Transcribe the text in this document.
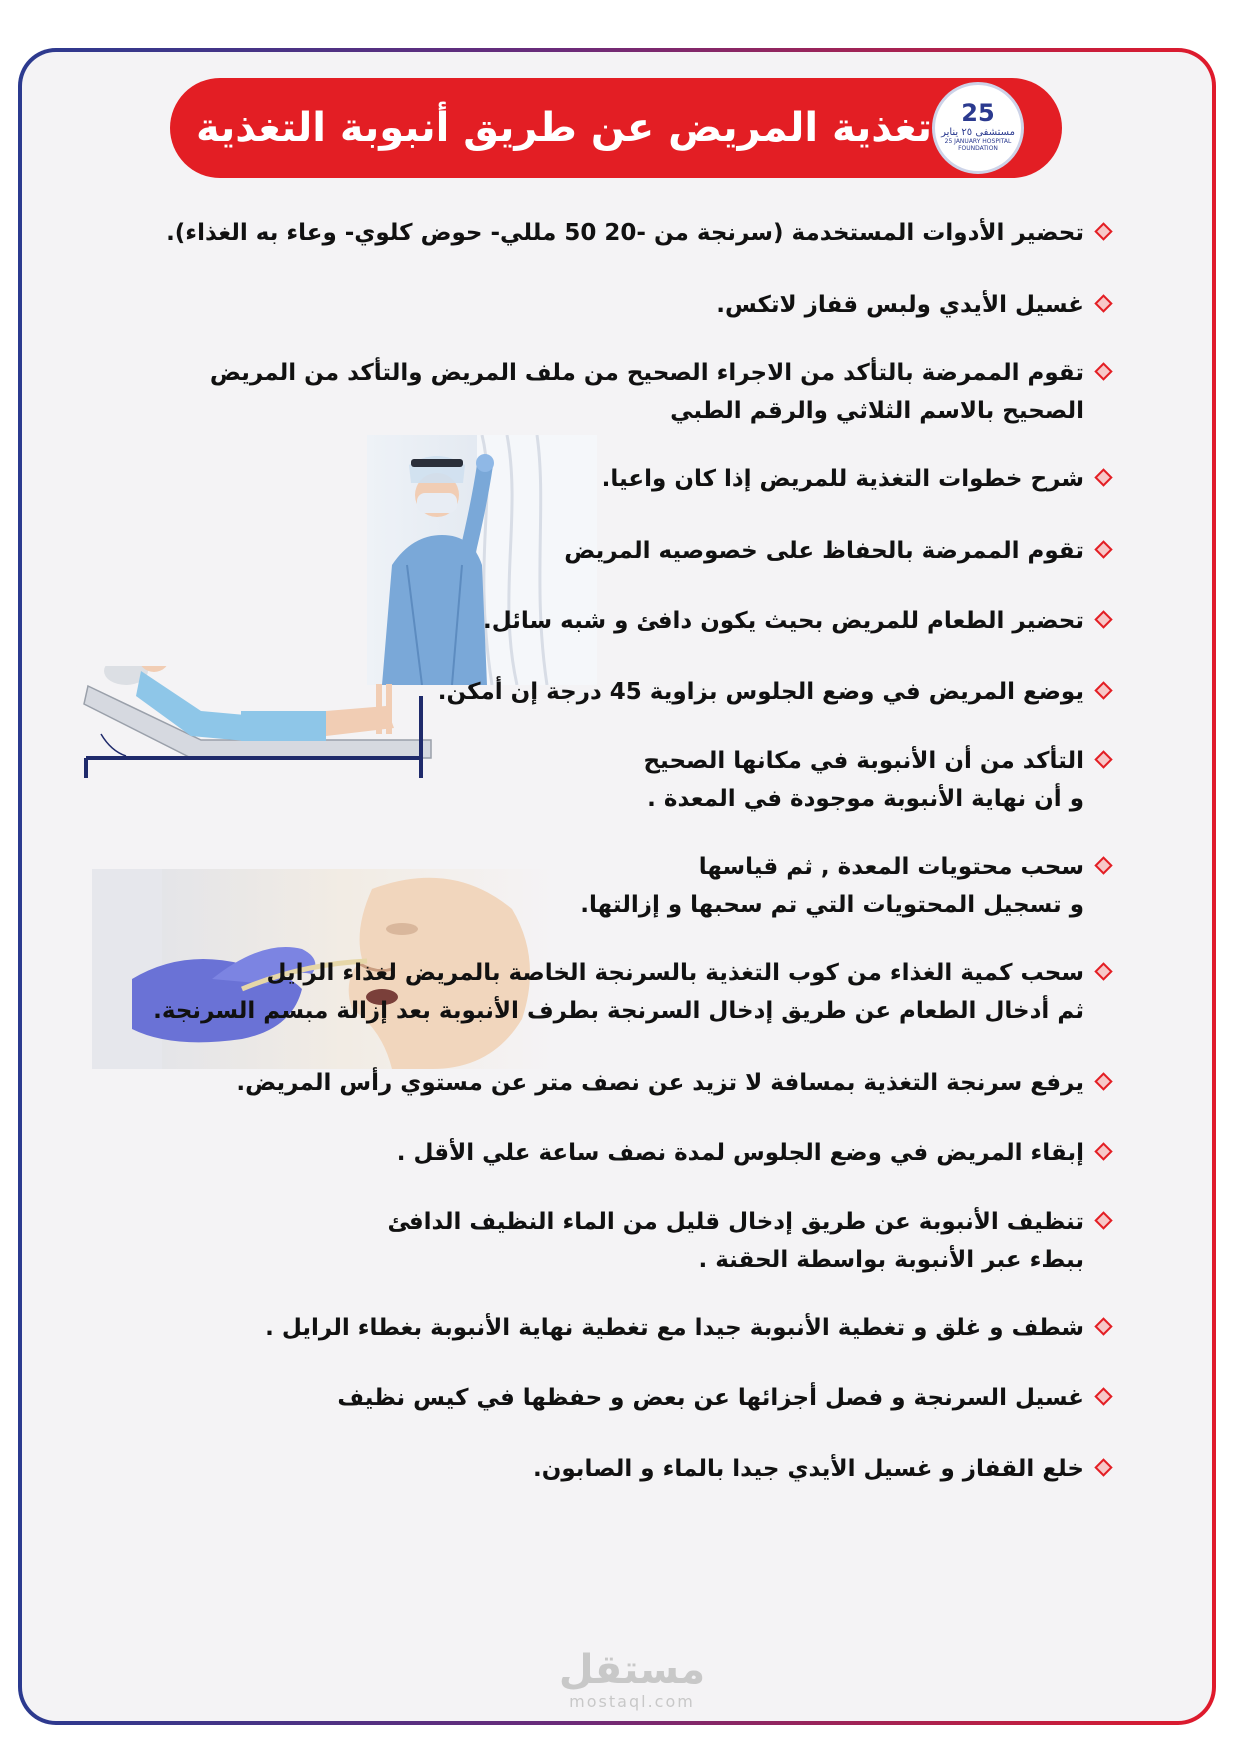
تغذية المريض عن طريق أنبوبة التغذية	25
مستشفى ٢٥ يناير
25 JANUARY HOSPITAL FOUNDATION
تحضير الأدوات المستخدمة (سرنجة من -20 50 مللي- حوض كلوي- وعاء به الغذاء).
غسيل الأيدي ولبس قفاز لاتكس.
تقوم الممرضة بالتأكد من الاجراء الصحيح من ملف المريض والتأكد من المريض
الصحيح بالاسم الثلاثي والرقم الطبي
شرح خطوات التغذية للمريض إذا كان واعيا.
تقوم الممرضة بالحفاظ على خصوصيه المريض
تحضير الطعام للمريض بحيث يكون دافئ و شبه سائل.
يوضع المريض في وضع الجلوس بزاوية 45 درجة إن أمكن.
التأكد من أن الأنبوبة في مكانها الصحيح
و أن نهاية الأنبوبة موجودة في المعدة .
سحب محتويات المعدة , ثم قياسها
و تسجيل المحتويات التي تم سحبها و إزالتها.
سحب كمية الغذاء من كوب التغذية بالسرنجة الخاصة بالمريض لغذاء الرايل
ثم أدخال الطعام عن طريق إدخال السرنجة بطرف الأنبوبة بعد إزالة مبسم السرنجة.
يرفع سرنجة التغذية بمسافة لا تزيد عن نصف متر عن مستوي رأس المريض.
إبقاء المريض في وضع الجلوس لمدة نصف ساعة علي الأقل .
تنظيف الأنبوبة عن طريق إدخال قليل من الماء النظيف الدافئ
ببطء عبر الأنبوبة بواسطة الحقنة .
شطف و غلق و تغطية الأنبوبة جيدا مع تغطية نهاية الأنبوبة بغطاء الرايل .
غسيل السرنجة و فصل أجزائها عن بعض و حفظها في كيس نظيف
خلع القفاز و غسيل الأيدي جيدا بالماء و الصابون.
مستقل
mostaql.com
